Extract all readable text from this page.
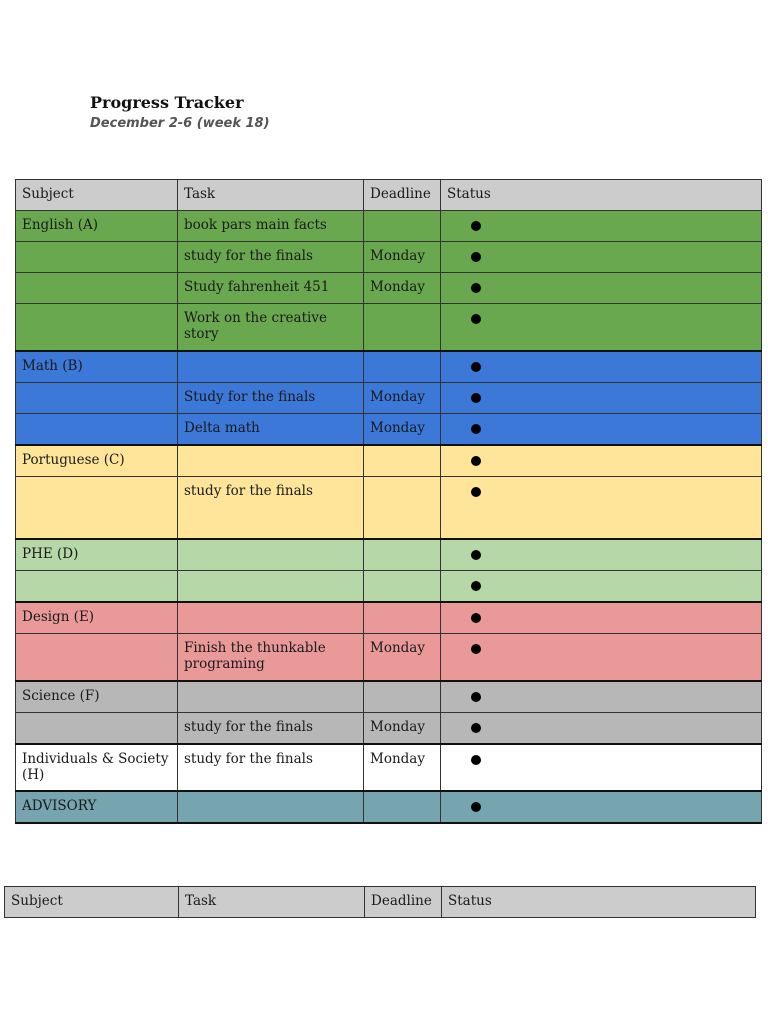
Progress Tracker
December 2-6 (week 18)
Subject	Task	Deadline	Status
English (A)	book pars main facts		
	study for the finals	Monday	
	Study fahrenheit 451	Monday	
	Work on the creative story		
Math (B)			
	Study for the finals	Monday	
	Delta math	Monday	
Portuguese (C)			
	study for the finals		
PHE (D)			

Design (E)			
	Finish the thunkable programing	Monday	
Science (F)			
	study for the finals	Monday	
Individuals & Society (H)	study for the finals	Monday	
ADVISORY			
Subject	Task	Deadline	Status
